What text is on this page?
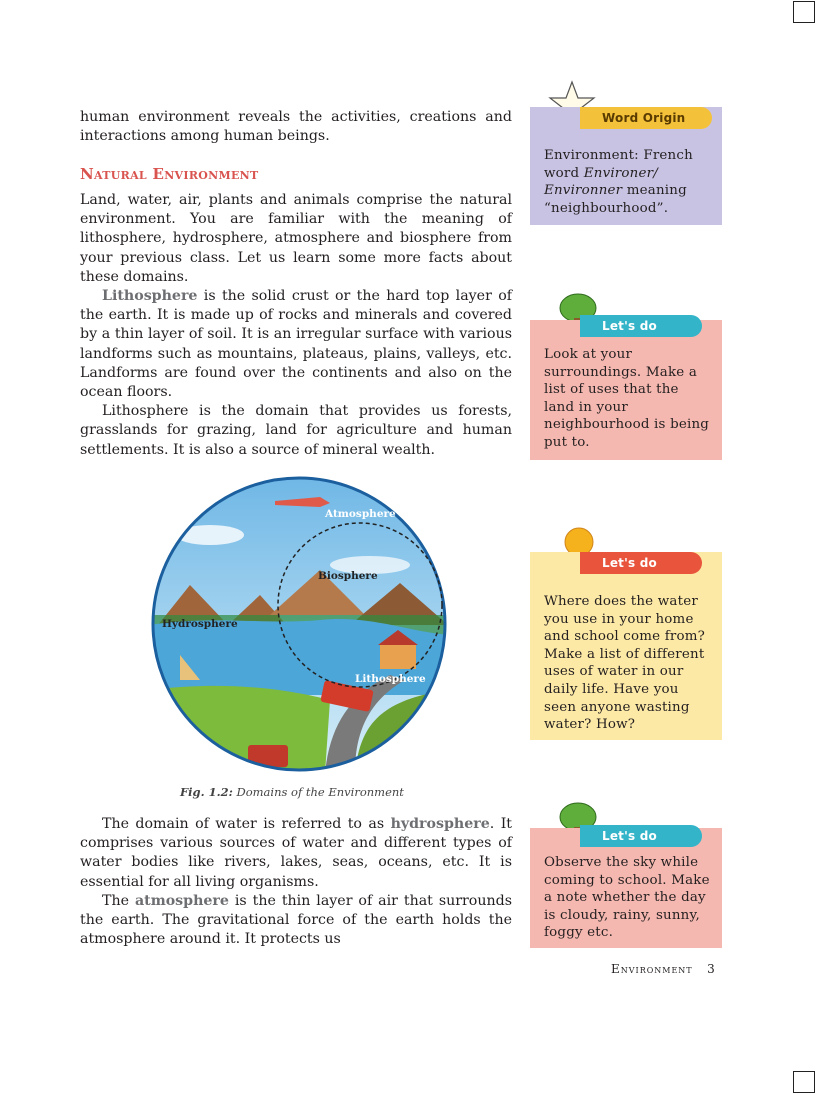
human environment reveals the activities, creations and interactions among human beings.

Natural Environment

Land, water, air, plants and animals comprise the natural environment. You are familiar with the meaning of lithosphere, hydrosphere, atmosphere and biosphere from your previous class. Let us learn some more facts about these domains.

Lithosphere is the solid crust or the hard top layer of the earth. It is made up of rocks and minerals and covered by a thin layer of soil. It is an irregular surface with various landforms such as mountains, plateaus, plains, valleys, etc. Landforms are found over the continents and also on the ocean floors.

Lithosphere is the domain that provides us forests, grasslands for grazing, land for agriculture and human settlements. It is also a source of mineral wealth.

Atmosphere
Biosphere
Hydrosphere
Lithosphere
Fig. 1.2: Domains of the Environment

The domain of water is referred to as hydrosphere. It comprises various sources of water and different types of water bodies like rivers, lakes, seas, oceans, etc. It is essential for all living organisms.

The atmosphere is the thin layer of air that surrounds the earth. The gravitational force of the earth holds the atmosphere around it. It protects us

Word Origin
Environment: French word Environer/ Environner meaning “neighbourhood”.
Let's do
Look at your surroundings. Make a list of uses that the land in your neighbourhood is being put to.
Let's do
Where does the water you use in your home and school come from? Make a list of different uses of water in our daily life. Have you seen anyone wasting water? How?
Let's do
Observe the sky while coming to school. Make a note whether the day is cloudy, rainy, sunny, foggy etc.
Environment 3
